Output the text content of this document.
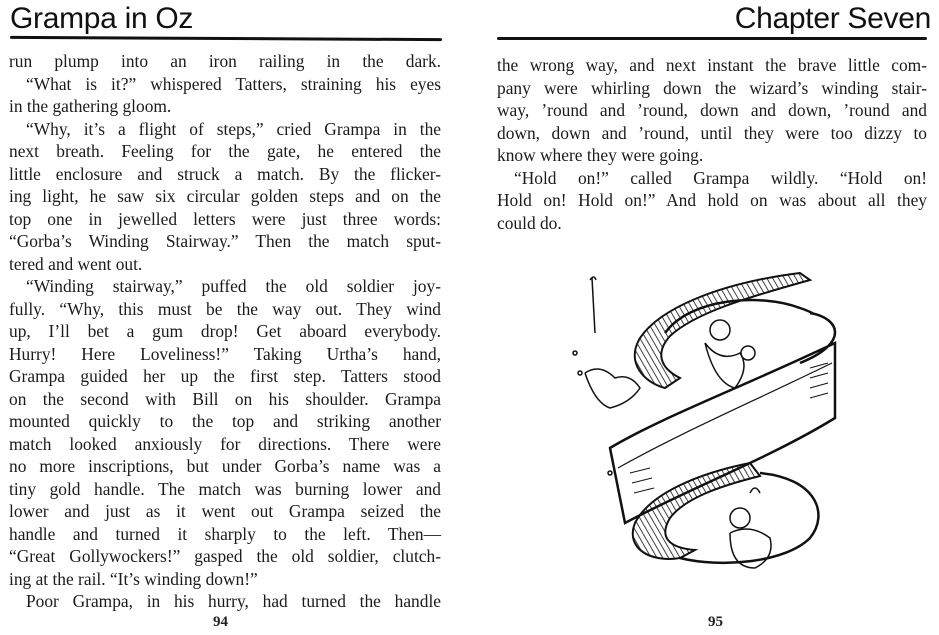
Grampa in Oz
run plump into an iron railing in the dark.
“What is it?” whispered Tatters, straining his eyes
in the gathering gloom.
“Why, it’s a flight of steps,” cried Grampa in the
next breath. Feeling for the gate, he entered the
little enclosure and struck a match. By the flicker-
ing light, he saw six circular golden steps and on the
top one in jewelled letters were just three words:
“Gorba’s Winding Stairway.” Then the match sput-
tered and went out.
“Winding stairway,” puffed the old soldier joy-
fully. “Why, this must be the way out. They wind
up, I’ll bet a gum drop! Get aboard everybody.
Hurry! Here Loveliness!” Taking Urtha’s hand,
Grampa guided her up the first step. Tatters stood
on the second with Bill on his shoulder. Grampa
mounted quickly to the top and striking another
match looked anxiously for directions. There were
no more inscriptions, but under Gorba’s name was a
tiny gold handle. The match was burning lower and
lower and just as it went out Grampa seized the
handle and turned it sharply to the left. Then—
“Great Gollywockers!” gasped the old soldier, clutch-
ing at the rail. “It’s winding down!”
Poor Grampa, in his hurry, had turned the handle
94
Chapter Seven
the wrong way, and next instant the brave little com-
pany were whirling down the wizard’s winding stair-
way, ’round and ’round, down and down, ’round and
down, down and ’round, until they were too dizzy to
know where they were going.
“Hold on!” called Grampa wildly. “Hold on!
Hold on! Hold on!” And hold on was about all they
could do.
95
